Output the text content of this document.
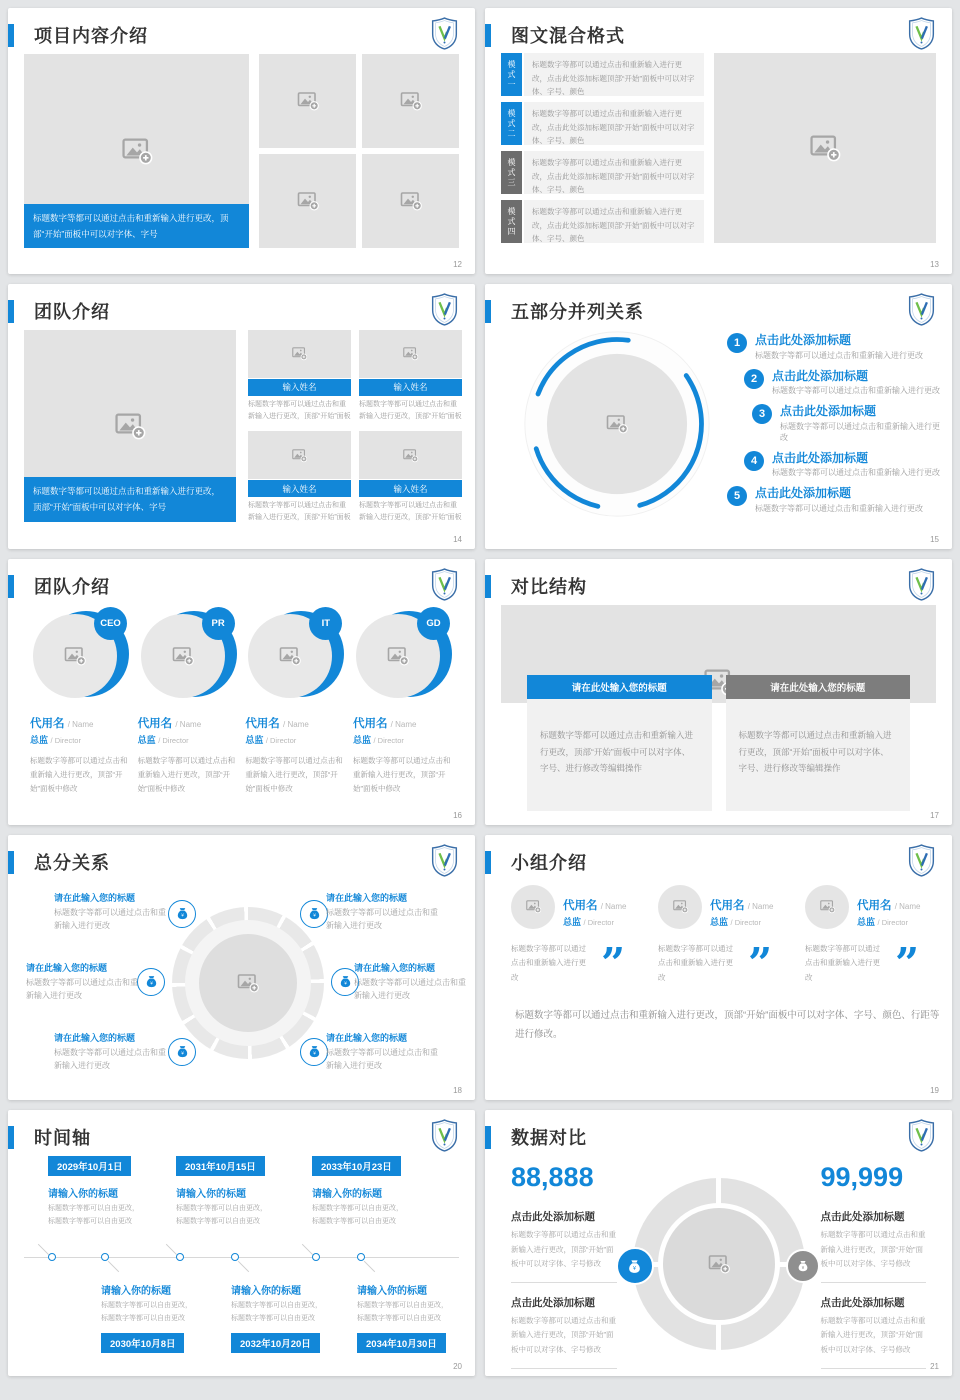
项目内容介绍

标题数字等都可以通过点击和重新输入进行更改，顶部“开始”面板中可以对字体、字号

12
图文混合格式
模式一	标题数字等都可以通过点击和重新输入进行更改，点击此处添加标题顶部“开始”面板中可以对字体、字号、颜色

模式二	标题数字等都可以通过点击和重新输入进行更改，点击此处添加标题顶部“开始”面板中可以对字体、字号、颜色

模式三	标题数字等都可以通过点击和重新输入进行更改，点击此处添加标题顶部“开始”面板中可以对字体、字号、颜色

模式四	标题数字等都可以通过点击和重新输入进行更改，点击此处添加标题顶部“开始”面板中可以对字体、字号、颜色

13
团队介绍

标题数字等都可以通过点击和重新输入进行更改，顶部“开始”面板中可以对字体、字号

输入姓名

标题数字等都可以通过点击和重新输入进行更改，顶部“开始”面板

输入姓名

标题数字等都可以通过点击和重新输入进行更改，顶部“开始”面板

输入姓名

标题数字等都可以通过点击和重新输入进行更改，顶部“开始”面板

输入姓名

标题数字等都可以通过点击和重新输入进行更改，顶部“开始”面板

14
五部分并列关系
1	点击此处添加标题
标题数字等都可以通过点击和重新输入进行更改
2	点击此处添加标题
标题数字等都可以通过点击和重新输入进行更改
3	点击此处添加标题
标题数字等都可以通过点击和重新输入进行更改
4	点击此处添加标题
标题数字等都可以通过点击和重新输入进行更改
5	点击此处添加标题
标题数字等都可以通过点击和重新输入进行更改
15
团队介绍
CEO
代用名 / Name
总监 / Director

标题数字等都可以通过点击和重新输入进行更改，顶部“开始”面板中修改

PR
代用名 / Name
总监 / Director

标题数字等都可以通过点击和重新输入进行更改，顶部“开始”面板中修改

IT
代用名 / Name
总监 / Director

标题数字等都可以通过点击和重新输入进行更改，顶部“开始”面板中修改

GD
代用名 / Name
总监 / Director

标题数字等都可以通过点击和重新输入进行更改，顶部“开始”面板中修改

16
对比结构
请在此处输入您的标题

标题数字等都可以通过点击和重新输入进行更改，顶部“开始”面板中可以对字体、字号、进行修改等编辑操作

请在此处输入您的标题

标题数字等都可以通过点击和重新输入进行更改，顶部“开始”面板中可以对字体、字号、进行修改等编辑操作

17
总分关系
请在此输入您的标题
标题数字等都可以通过点击和重新输入进行更改
请在此输入您的标题
标题数字等都可以通过点击和重新输入进行更改
请在此输入您的标题
标题数字等都可以通过点击和重新输入进行更改
请在此输入您的标题
标题数字等都可以通过点击和重新输入进行更改
请在此输入您的标题
标题数字等都可以通过点击和重新输入进行更改
请在此输入您的标题
标题数字等都可以通过点击和重新输入进行更改
18
小组介绍
代用名 / Name
总监 / Director

标题数字等都可以通过点击和重新输入进行更改	”
代用名 / Name
总监 / Director

标题数字等都可以通过点击和重新输入进行更改	”
代用名 / Name
总监 / Director

标题数字等都可以通过点击和重新输入进行更改	”

标题数字等都可以通过点击和重新输入进行更改，顶部“开始”面板中可以对字体、字号、颜色、行距等进行修改。

19
时间轴
2029年10月1日
请输入你的标题
标题数字等都可以自由更改，
标题数字等都可以自由更改
2031年10月15日
请输入你的标题
标题数字等都可以自由更改，
标题数字等都可以自由更改
2033年10月23日
请输入你的标题
标题数字等都可以自由更改，
标题数字等都可以自由更改
请输入你的标题
标题数字等都可以自由更改，
标题数字等都可以自由更改
2030年10月8日
请输入你的标题
标题数字等都可以自由更改，
标题数字等都可以自由更改
2032年10月20日
请输入你的标题
标题数字等都可以自由更改，
标题数字等都可以自由更改
2034年10月30日
20
数据对比
88,888

点击此处添加标题

标题数字等都可以通过点击和重新输入进行更改，顶部“开始”面板中可以对字体、字号修改

点击此处添加标题

标题数字等都可以通过点击和重新输入进行更改，顶部“开始”面板中可以对字体、字号修改

99,999

点击此处添加标题

标题数字等都可以通过点击和重新输入进行更改，顶部“开始”面板中可以对字体、字号修改

点击此处添加标题

标题数字等都可以通过点击和重新输入进行更改，顶部“开始”面板中可以对字体、字号修改

21
